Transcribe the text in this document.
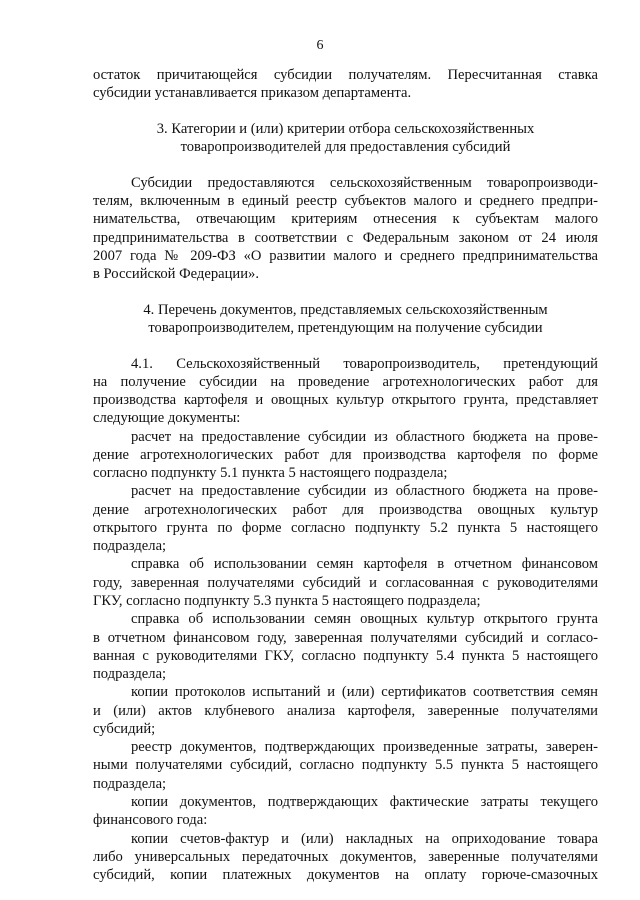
6
остаток причитающейся субсидии получателям. Пересчитанная ставка
субсидии устанавливается приказом департамента.
3. Категории и (или) критерии отбора сельскохозяйственных
товаропроизводителей для предоставления субсидий
Субсидии предоставляются сельскохозяйственным товаропроизводи-
телям, включенным в единый реестр субъектов малого и среднего предпри-
нимательства, отвечающим критериям отнесения к субъектам малого
предпринимательства в соответствии с Федеральным законом от 24 июля
2007 года № 209-ФЗ «О развитии малого и среднего предпринимательства
в Российской Федерации».
4. Перечень документов, представляемых сельскохозяйственным
товаропроизводителем, претендующим на получение субсидии
4.1. Сельскохозяйственный товаропроизводитель, претендующий
на получение субсидии на проведение агротехнологических работ для
производства картофеля и овощных культур открытого грунта, представляет
следующие документы:
расчет на предоставление субсидии из областного бюджета на прове-
дение агротехнологических работ для производства картофеля по форме
согласно подпункту 5.1 пункта 5 настоящего подраздела;
расчет на предоставление субсидии из областного бюджета на прове-
дение агротехнологических работ для производства овощных культур
открытого грунта по форме согласно подпункту 5.2 пункта 5 настоящего
подраздела;
справка об использовании семян картофеля в отчетном финансовом
году, заверенная получателями субсидий и согласованная с руководителями
ГКУ, согласно подпункту 5.3 пункта 5 настоящего подраздела;
справка об использовании семян овощных культур открытого грунта
в отчетном финансовом году, заверенная получателями субсидий и согласо-
ванная с руководителями ГКУ, согласно подпункту 5.4 пункта 5 настоящего
подраздела;
копии протоколов испытаний и (или) сертификатов соответствия семян
и (или) актов клубневого анализа картофеля, заверенные получателями
субсидий;
реестр документов, подтверждающих произведенные затраты, заверен-
ными получателями субсидий, согласно подпункту 5.5 пункта 5 настоящего
подраздела;
копии документов, подтверждающих фактические затраты текущего
финансового года:
копии счетов-фактур и (или) накладных на оприходование товара
либо универсальных передаточных документов, заверенные получателями
субсидий, копии платежных документов на оплату горюче-смазочных
